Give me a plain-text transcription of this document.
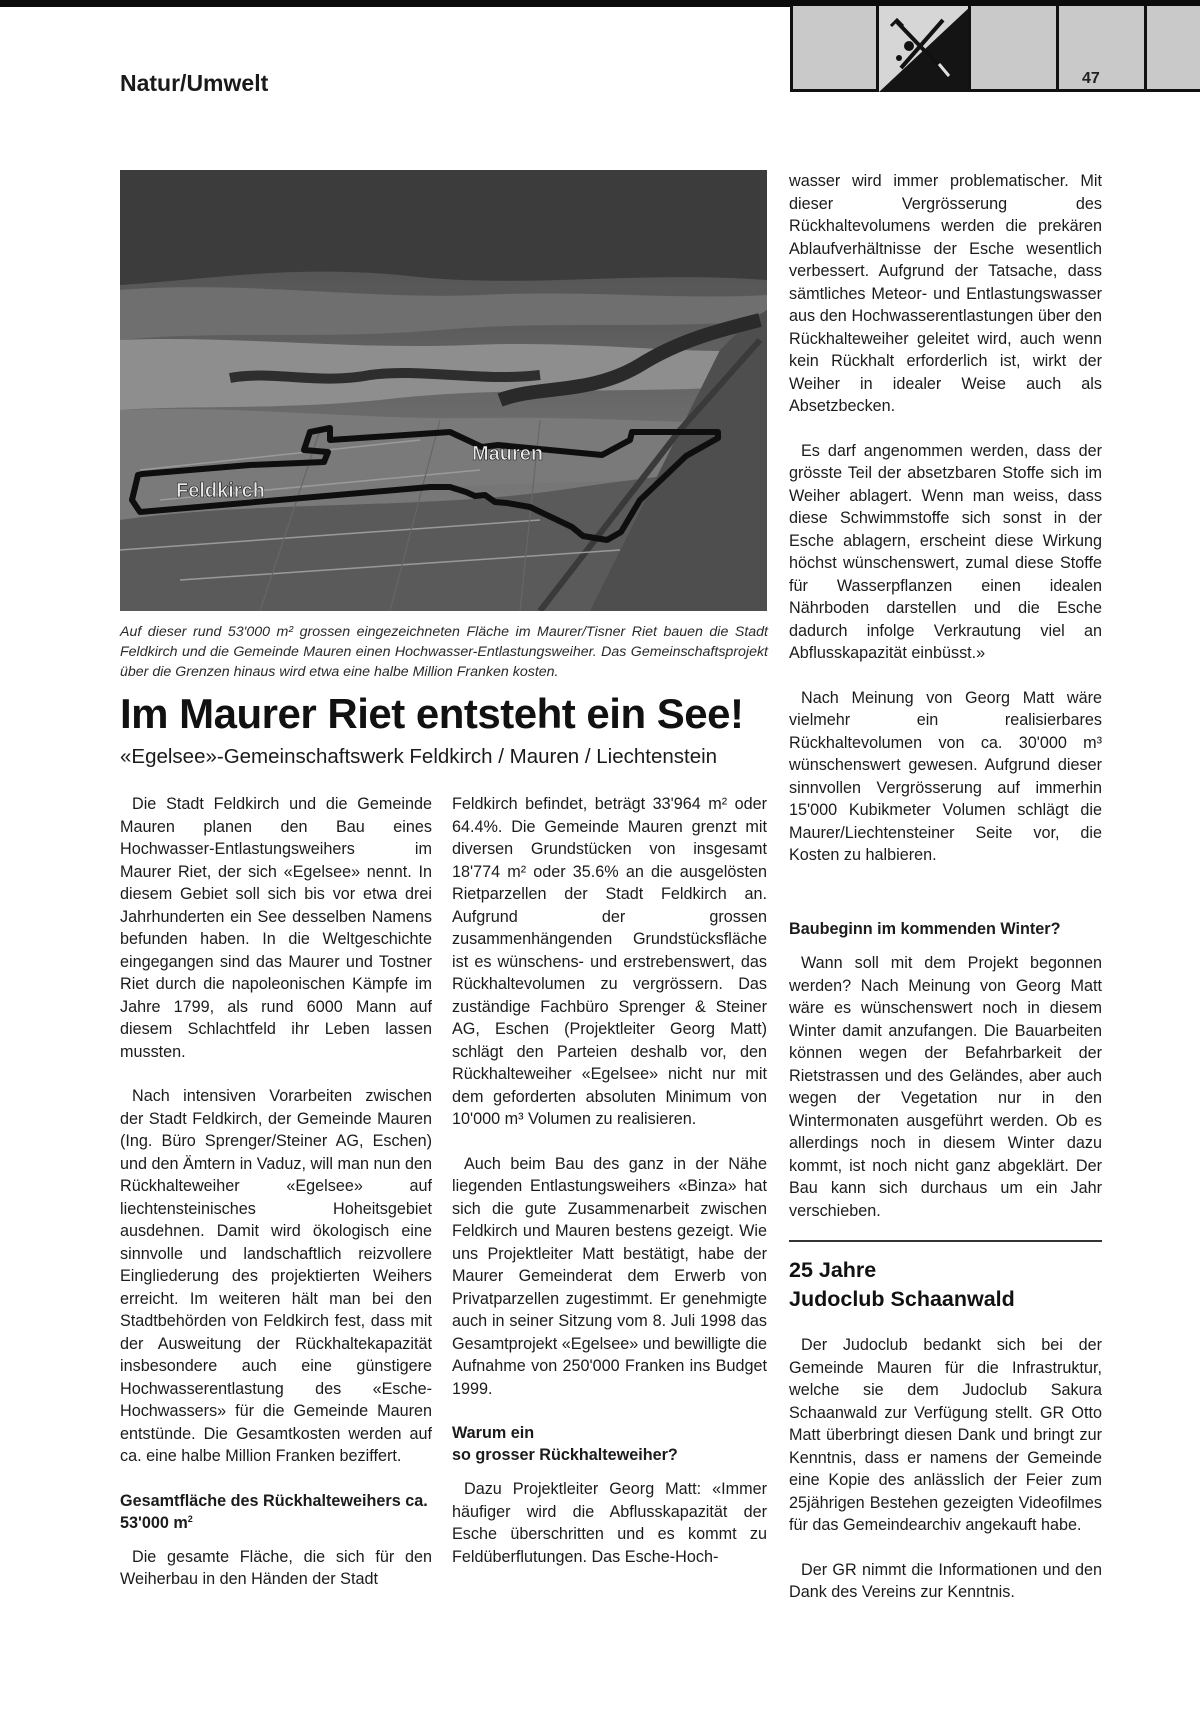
47
Natur/Umwelt
Feldkirch
Mauren
Auf dieser rund 53'000 m² grossen eingezeichneten Fläche im Maurer/Tisner Riet bauen die Stadt Feldkirch und die Gemeinde Mauren einen Hochwasser-Entlastungsweiher. Das Gemeinschaftsprojekt über die Grenzen hinaus wird etwa eine halbe Million Franken kosten.
Im Maurer Riet entsteht ein See!
«Egelsee»-Gemeinschaftswerk Feldkirch / Mauren / Liechtenstein

Die Stadt Feldkirch und die Gemeinde Mauren planen den Bau eines Hochwasser-Entlastungsweihers im Maurer Riet, der sich «Egelsee» nennt. In diesem Gebiet soll sich bis vor etwa drei Jahrhunderten ein See desselben Namens befunden haben. In die Weltgeschichte eingegangen sind das Maurer und Tostner Riet durch die napoleonischen Kämpfe im Jahre 1799, als rund 6000 Mann auf diesem Schlachtfeld ihr Leben lassen mussten.

Nach intensiven Vorarbeiten zwischen der Stadt Feldkirch, der Gemeinde Mauren (Ing. Büro Sprenger/Steiner AG, Eschen) und den Ämtern in Vaduz, will man nun den Rückhalteweiher «Egelsee» auf liechtensteinisches Hoheitsgebiet ausdehnen. Damit wird ökologisch eine sinnvolle und landschaftlich reizvollere Eingliederung des projektierten Weihers erreicht. Im weiteren hält man bei den Stadtbehörden von Feldkirch fest, dass mit der Ausweitung der Rückhaltekapazität insbesondere auch eine günstigere Hochwasserentlastung des «Esche-Hochwassers» für die Gemeinde Mauren entstünde. Die Gesamtkosten werden auf ca. eine halbe Million Franken beziffert.

Gesamtfläche des Rückhalteweihers ca. 53'000 $m^2$

Die gesamte Fläche, die sich für den Weiherbau in den Händen der Stadt

Feldkirch befindet, beträgt 33'964 m² oder 64.4%. Die Gemeinde Mauren grenzt mit diversen Grundstücken von insgesamt 18'774 m² oder 35.6% an die ausgelösten Rietparzellen der Stadt Feldkirch an. Aufgrund der grossen zusammenhängenden Grundstücksfläche ist es wünschens- und erstrebenswert, das Rückhaltevolumen zu vergrössern. Das zuständige Fachbüro Sprenger & Steiner AG, Eschen (Projektleiter Georg Matt) schlägt den Parteien deshalb vor, den Rückhalteweiher «Egelsee» nicht nur mit dem geforderten absoluten Minimum von 10'000 m³ Volumen zu realisieren.

Auch beim Bau des ganz in der Nähe liegenden Entlastungsweihers «Binza» hat sich die gute Zusammenarbeit zwischen Feldkirch und Mauren bestens gezeigt. Wie uns Projektleiter Matt bestätigt, habe der Maurer Gemeinderat dem Erwerb von Privatparzellen zugestimmt. Er genehmigte auch in seiner Sitzung vom 8. Juli 1998 das Gesamtprojekt «Egelsee» und bewilligte die Aufnahme von 250'000 Franken ins Budget 1999.

Warum ein
so grosser Rückhalteweiher?

Dazu Projektleiter Georg Matt: «Immer häufiger wird die Abflusskapazität der Esche überschritten und es kommt zu Feldüberflutungen. Das Esche-Hoch-

wasser wird immer problematischer. Mit dieser Vergrösserung des Rückhaltevolumens werden die prekären Ablaufverhältnisse der Esche wesentlich verbessert. Aufgrund der Tatsache, dass sämtliches Meteor- und Entlastungswasser aus den Hochwasserentlastungen über den Rückhalteweiher geleitet wird, auch wenn kein Rückhalt erforderlich ist, wirkt der Weiher in idealer Weise auch als Absetzbecken.

Es darf angenommen werden, dass der grösste Teil der absetzbaren Stoffe sich im Weiher ablagert. Wenn man weiss, dass diese Schwimmstoffe sich sonst in der Esche ablagern, erscheint diese Wirkung höchst wünschenswert, zumal diese Stoffe für Wasserpflanzen einen idealen Nährboden darstellen und die Esche dadurch infolge Verkrautung viel an Abflusskapazität einbüsst.»

Nach Meinung von Georg Matt wäre vielmehr ein realisierbares Rückhaltevolumen von ca. 30'000 m³ wünschenswert gewesen. Aufgrund dieser sinnvollen Vergrösserung auf immerhin 15'000 Kubikmeter Volumen schlägt die Maurer/Liechtensteiner Seite vor, die Kosten zu halbieren.

Baubeginn im kommenden Winter?

Wann soll mit dem Projekt begonnen werden? Nach Meinung von Georg Matt wäre es wünschenswert noch in diesem Winter damit anzufangen. Die Bauarbeiten können wegen der Befahrbarkeit der Rietstrassen und des Geländes, aber auch wegen der Vegetation nur in den Wintermonaten ausgeführt werden. Ob es allerdings noch in diesem Winter dazu kommt, ist noch nicht ganz abgeklärt. Der Bau kann sich durchaus um ein Jahr verschieben.

25 Jahre
Judoclub Schaanwald

Der Judoclub bedankt sich bei der Gemeinde Mauren für die Infrastruktur, welche sie dem Judoclub Sakura Schaanwald zur Verfügung stellt. GR Otto Matt überbringt diesen Dank und bringt zur Kenntnis, dass er namens der Gemeinde eine Kopie des anlässlich der Feier zum 25jährigen Bestehen gezeigten Videofilmes für das Gemeindearchiv angekauft habe.

Der GR nimmt die Informationen und den Dank des Vereins zur Kenntnis.
